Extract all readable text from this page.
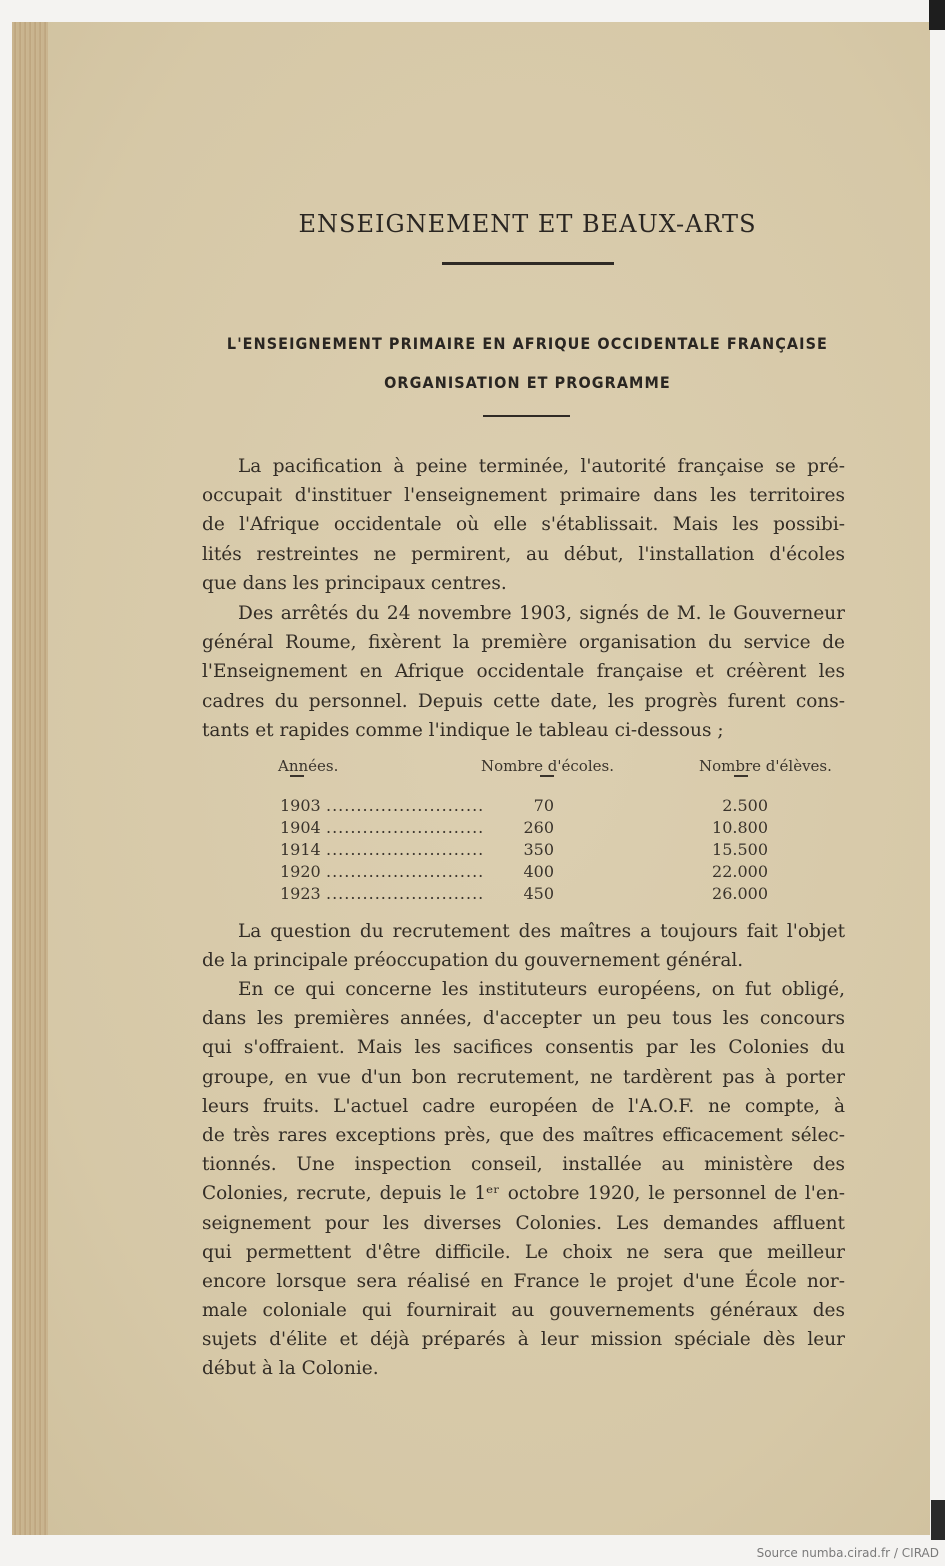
ENSEIGNEMENT ET BEAUX-ARTS
L'ENSEIGNEMENT PRIMAIRE EN AFRIQUE OCCIDENTALE FRANÇAISE
ORGANISATION ET PROGRAMME
La pacification à peine terminée, l'autorité française se pré-
occupait d'instituer l'enseignement primaire dans les territoires
de l'Afrique occidentale où elle s'établissait. Mais les possibi-
lités restreintes ne permirent, au début, l'installation d'écoles
que dans les principaux centres.
Des arrêtés du 24 novembre 1903, signés de M. le Gouverneur
général Roume, fixèrent la première organisation du service de
l'Enseignement en Afrique occidentale française et créèrent les
cadres du personnel. Depuis cette date, les progrès furent cons-
tants et rapides comme l'indique le tableau ci-dessous ;
Années.	Nombre d'écoles.	Nombre d'élèves.
1903 ..........................	70	2.500
1904 ..........................	260	10.800
1914 ..........................	350	15.500
1920 ..........................	400	22.000
1923 ..........................	450	26.000
La question du recrutement des maîtres a toujours fait l'objet
de la principale préoccupation du gouvernement général.
En ce qui concerne les instituteurs européens, on fut obligé,
dans les premières années, d'accepter un peu tous les concours
qui s'offraient. Mais les sacifices consentis par les Colonies du
groupe, en vue d'un bon recrutement, ne tardèrent pas à porter
leurs fruits. L'actuel cadre européen de l'A.O.F. ne compte, à
de très rares exceptions près, que des maîtres efficacement sélec-
tionnés. Une inspection conseil, installée au ministère des
Colonies, recrute, depuis le 1ᵉʳ octobre 1920, le personnel de l'en-
seignement pour les diverses Colonies. Les demandes affluent
qui permettent d'être difficile. Le choix ne sera que meilleur
encore lorsque sera réalisé en France le projet d'une École nor-
male coloniale qui fournirait au gouvernements généraux des
sujets d'élite et déjà préparés à leur mission spéciale dès leur
début à la Colonie.
Source numba.cirad.fr / CIRAD
